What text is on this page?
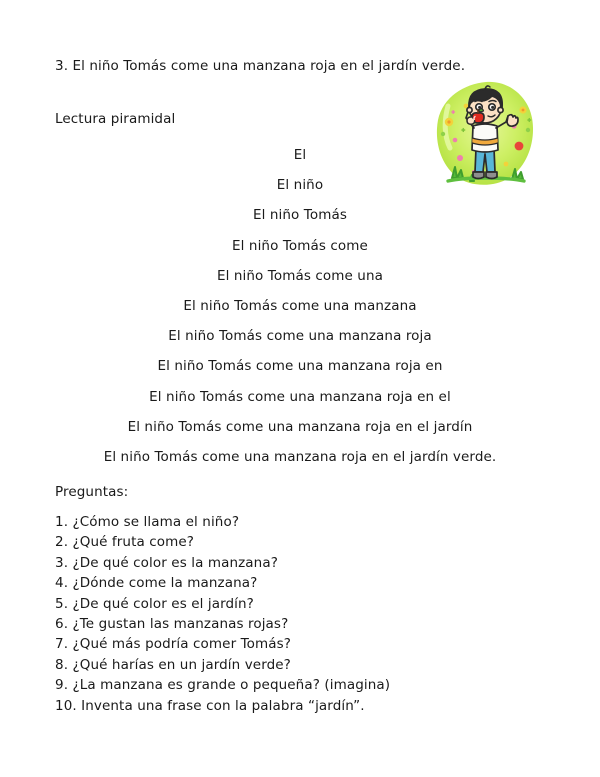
3. El niño Tomás come una manzana roja en el jardín verde.
Lectura piramidal
El
El niño
El niño Tomás
El niño Tomás come
El niño Tomás come una
El niño Tomás come una manzana
El niño Tomás come una manzana roja
El niño Tomás come una manzana roja en
El niño Tomás come una manzana roja en el
El niño Tomás come una manzana roja en el jardín
El niño Tomás come una manzana roja en el jardín verde.
Preguntas:
1. ¿Cómo se llama el niño?
2. ¿Qué fruta come?
3. ¿De qué color es la manzana?
4. ¿Dónde come la manzana?
5. ¿De qué color es el jardín?
6. ¿Te gustan las manzanas rojas?
7. ¿Qué más podría comer Tomás?
8. ¿Qué harías en un jardín verde?
9. ¿La manzana es grande o pequeña? (imagina)
10. Inventa una frase con la palabra “jardín”.
